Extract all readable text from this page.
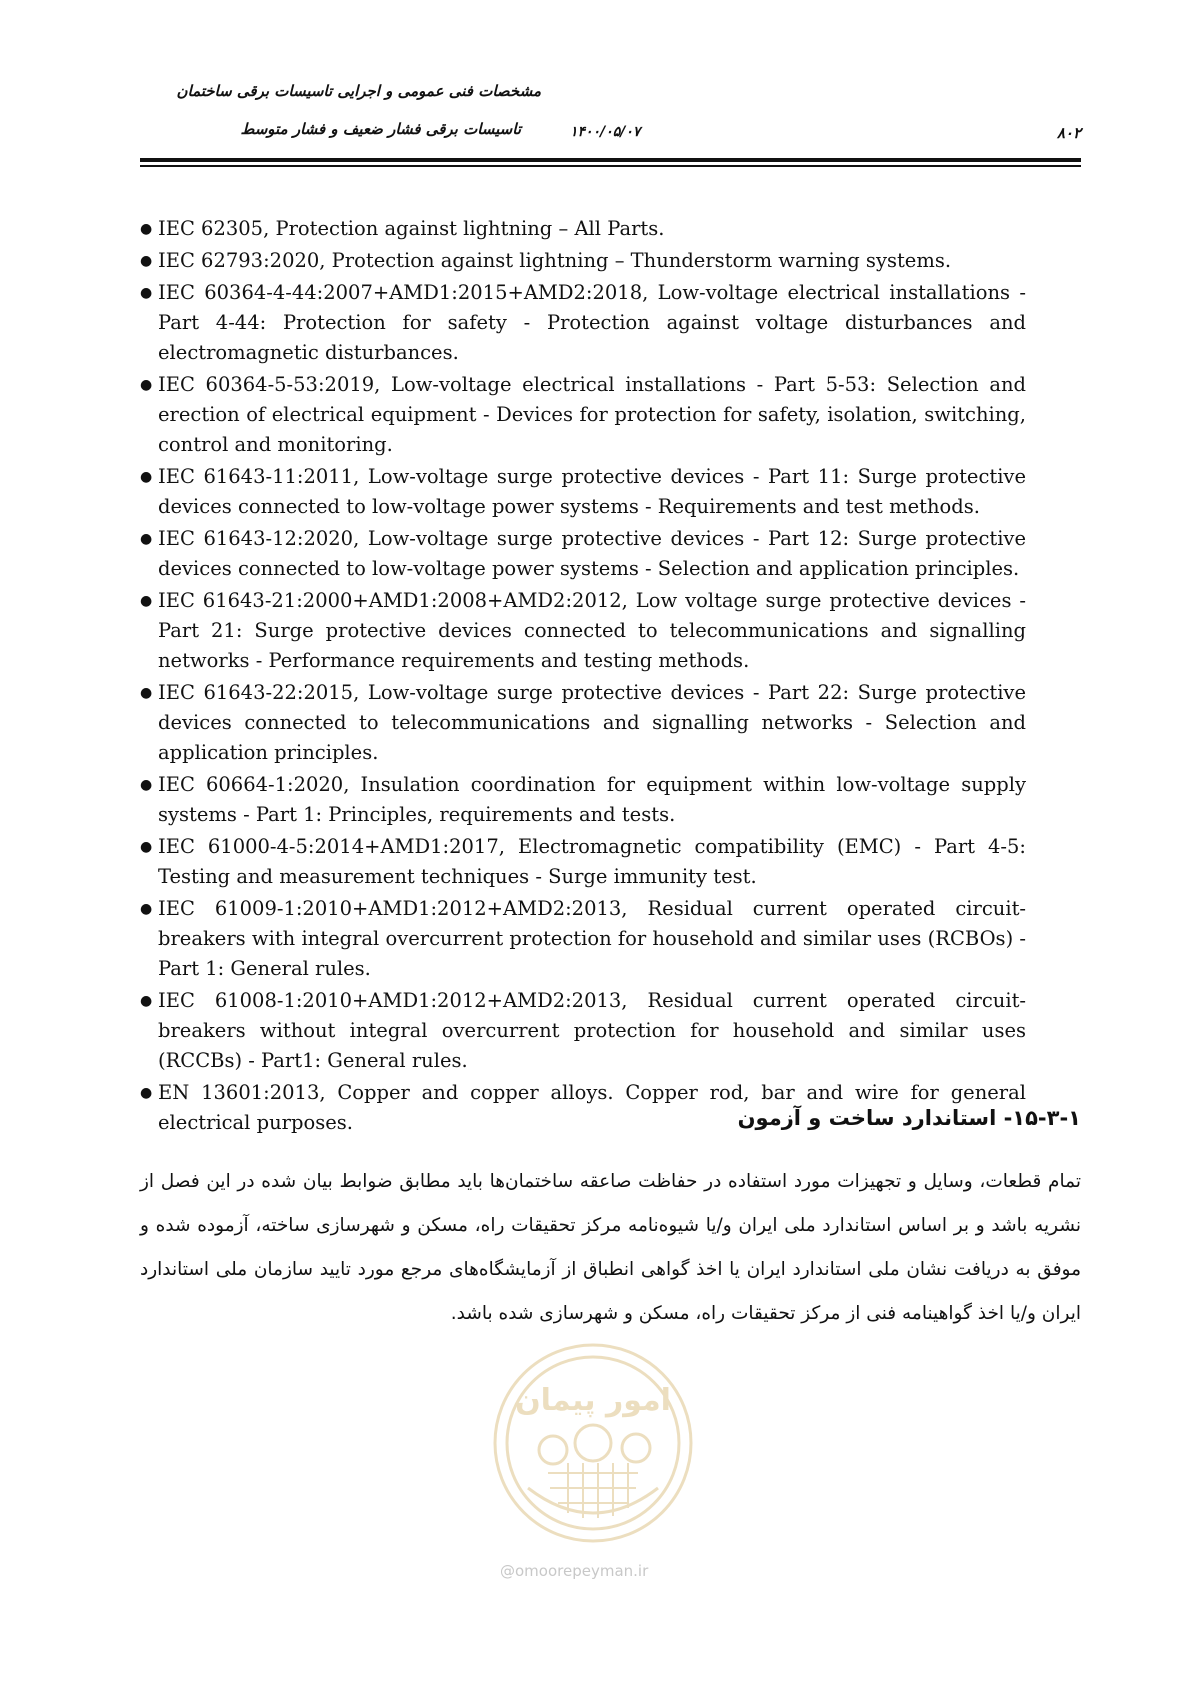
مشخصات فنی عمومی و اجرایی تاسیسات برقی ساختمان
تاسیسات برقی فشار ضعیف و فشار متوسط	۱۴۰۰/۰۵/۰۷	۸۰۲
● IEC 62305, Protection against lightning – All Parts.
● IEC 62793:2020, Protection against lightning – Thunderstorm warning systems.
● IEC 60364-4-44:2007+AMD1:2015+AMD2:2018, Low-voltage electrical installations - Part 4-44: Protection for safety - Protection against voltage disturbances and electromagnetic disturbances.
● IEC 60364-5-53:2019, Low-voltage electrical installations - Part 5-53: Selection and erection of electrical equipment - Devices for protection for safety, isolation, switching, control and monitoring.
● IEC 61643-11:2011, Low-voltage surge protective devices - Part 11: Surge protective devices connected to low-voltage power systems - Requirements and test methods.
● IEC 61643-12:2020, Low-voltage surge protective devices - Part 12: Surge protective devices connected to low-voltage power systems - Selection and application principles.
● IEC 61643-21:2000+AMD1:2008+AMD2:2012, Low voltage surge protective devices - Part 21: Surge protective devices connected to telecommunications and signalling networks - Performance requirements and testing methods.
● IEC 61643-22:2015, Low-voltage surge protective devices - Part 22: Surge protective devices connected to telecommunications and signalling networks - Selection and application principles.
● IEC 60664-1:2020, Insulation coordination for equipment within low-voltage supply systems - Part 1: Principles, requirements and tests.
● IEC 61000-4-5:2014+AMD1:2017, Electromagnetic compatibility (EMC) - Part 4-5: Testing and measurement techniques - Surge immunity test.
● IEC 61009-1:2010+AMD1:2012+AMD2:2013, Residual current operated circuit-breakers with integral overcurrent protection for household and similar uses (RCBOs) - Part 1: General rules.
● IEC 61008-1:2010+AMD1:2012+AMD2:2013, Residual current operated circuit-breakers without integral overcurrent protection for household and similar uses (RCCBs) - Part1: General rules.
● EN 13601:2013, Copper and copper alloys. Copper rod, bar and wire for general electrical purposes.	۱۵-۳-۱- استاندارد ساخت و آزمون
تمام قطعات، وسایل و تجهیزات مورد استفاده در حفاظت صاعقه ساختمان‌ها باید مطابق ضوابط بیان شده در این فصل از نشریه باشد و بر اساس استاندارد ملی ایران و/یا شیوه‌نامه مرکز تحقیقات راه، مسکن و شهرسازی ساخته، آزموده شده و موفق به دریافت نشان ملی استاندارد ایران یا اخذ گواهی انطباق از آزمایشگاه‌های مرجع مورد تایید سازمان ملی استاندارد ایران و/یا اخذ گواهینامه فنی از مرکز تحقیقات راه، مسکن و شهرسازی شده باشد.
امور پیمان
@omoorepeyman.ir
